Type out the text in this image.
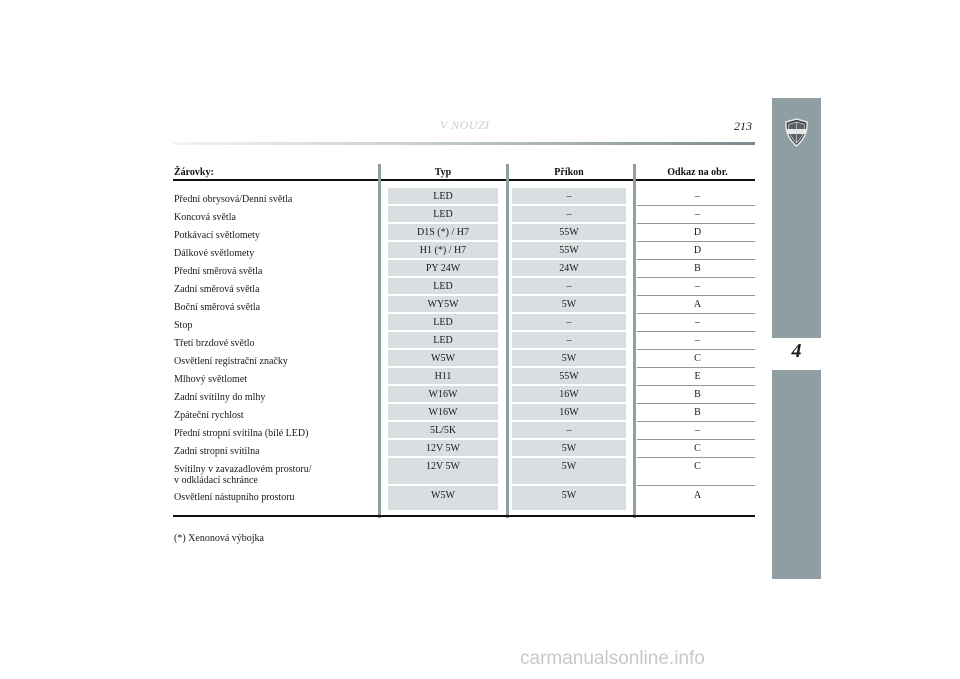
4
V NOUZI	213
Žárovky:	Typ	Příkon	Odkaz na obr.
Přední obrysová/Denní světla	LED	–	–
Koncová světla	LED	–	–
Potkávací světlomety	D1S (*) / H7	55W	D
Dálkové světlomety	H1 (*) / H7	55W	D
Přední směrová světla	PY 24W	24W	B
Zadní směrová světla	LED	–	–
Boční směrová světla	WY5W	5W	A
Stop	LED	–	–
Třetí brzdové světlo	LED	–	–
Osvětlení registrační značky	W5W	5W	C
Mlhový světlomet	H11	55W	E
Zadní svítilny do mlhy	W16W	16W	B
Zpáteční rychlost	W16W	16W	B
Přední stropní svítilna (bílé LED)	5L/5K	–	–
Zadní stropní svítilna	12V 5W	5W	C
Svítilny v zavazadlovém prostoru/
v odkládací schránce
12V 5W	5W	C
Osvětlení nástupního prostoru	W5W	5W	A
(*) Xenonová výbojka
carmanualsonline.info
